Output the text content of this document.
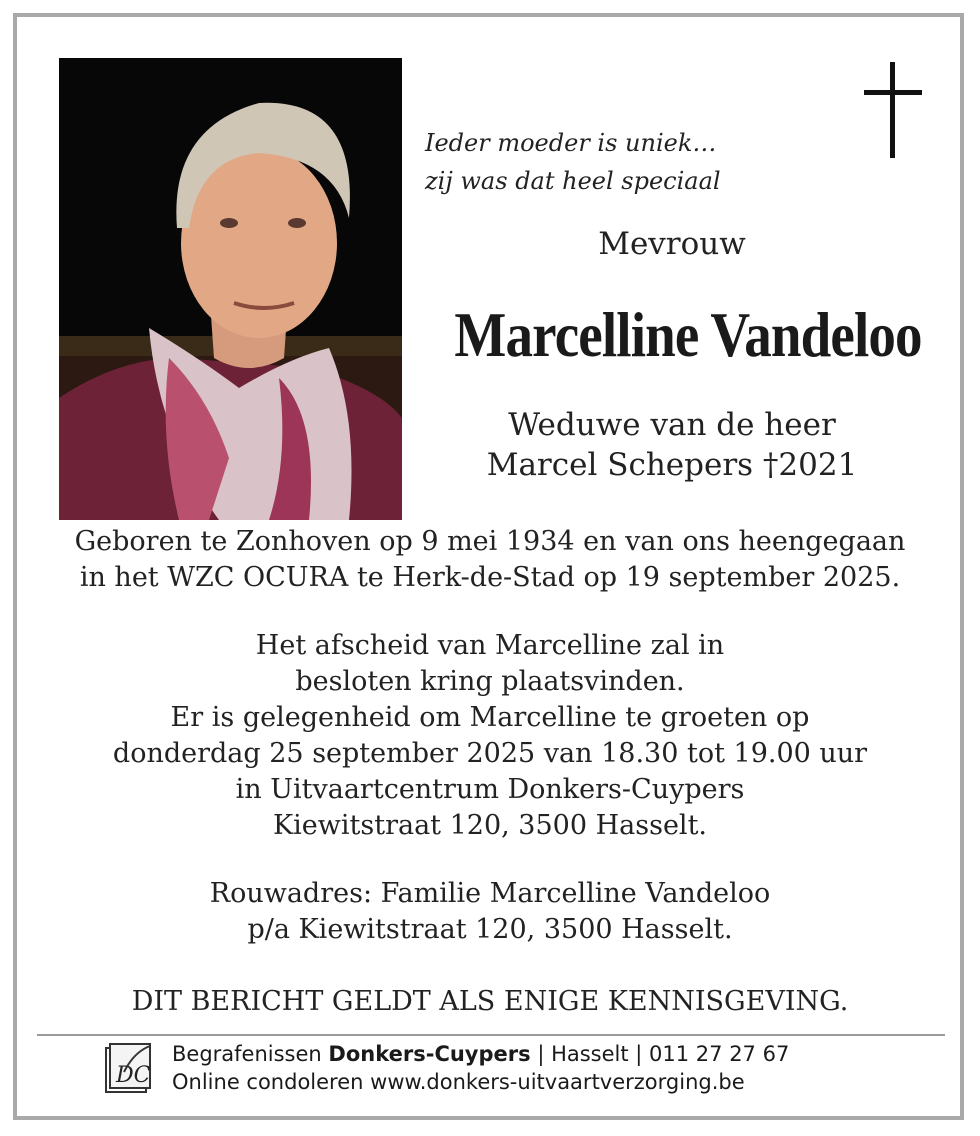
Ieder moeder is uniek…
zij was dat heel speciaal
Mevrouw
Marcelline Vandeloo
Weduwe van de heer
Marcel Schepers †2021
Geboren te Zonhoven op 9 mei 1934 en van ons heengegaan
in het WZC OCURA te Herk-de-Stad op 19 september 2025.
Het afscheid van Marcelline zal in
besloten kring plaatsvinden.
Er is gelegenheid om Marcelline te groeten op
donderdag 25 september 2025 van 18.30 tot 19.00 uur
in Uitvaartcentrum Donkers-Cuypers
Kiewitstraat 120, 3500 Hasselt.
Rouwadres: Familie Marcelline Vandeloo
p/a Kiewitstraat 120, 3500 Hasselt.
DIT BERICHT GELDT ALS ENIGE KENNISGEVING.
DC
Begrafenissen Donkers-Cuypers | Hasselt | 011 27 27 67
Online condoleren www.donkers-uitvaartverzorging.be
